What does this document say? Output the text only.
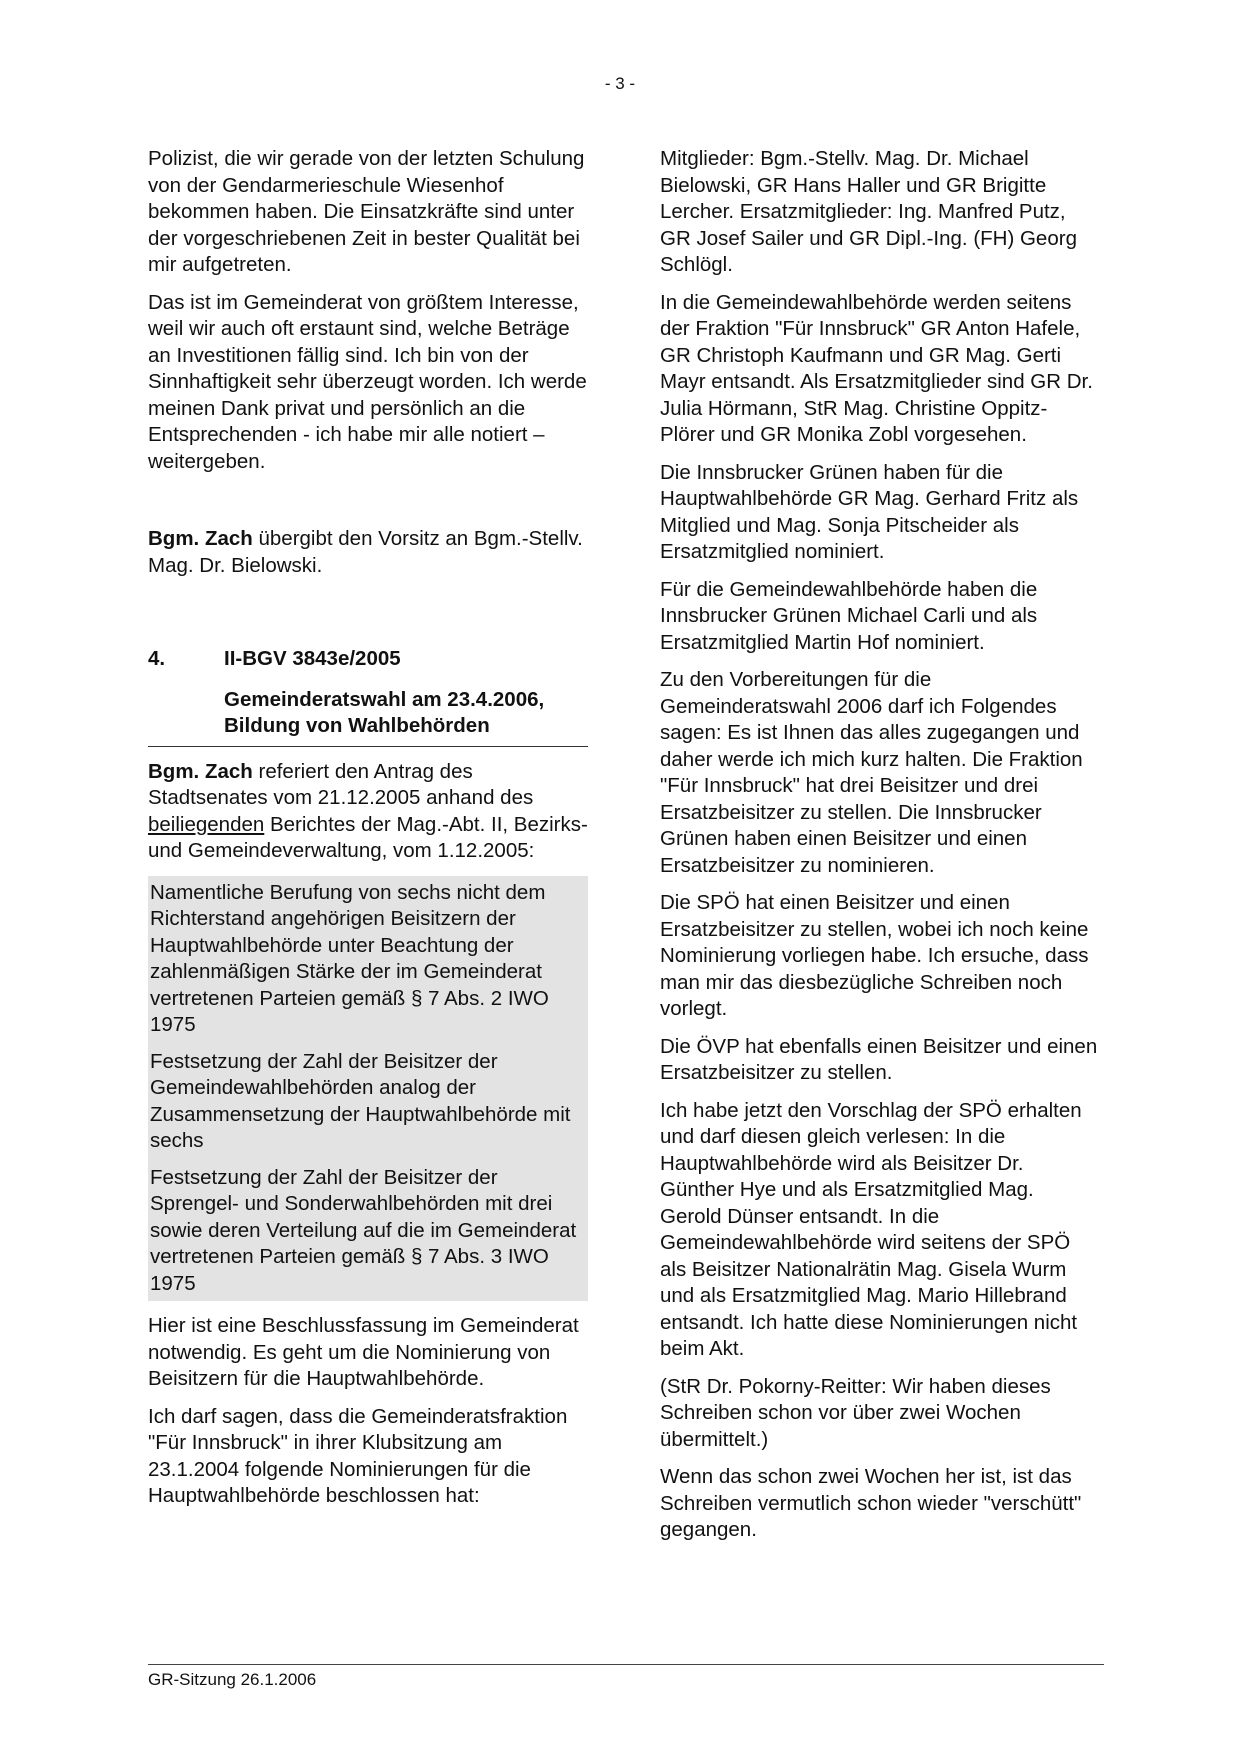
- 3 -

Polizist, die wir gerade von der letzten Schulung von der Gendarmerieschule Wiesenhof bekommen haben. Die Einsatzkräfte sind unter der vorgeschriebenen Zeit in bester Qualität bei mir aufgetreten.

Das ist im Gemeinderat von größtem Interesse, weil wir auch oft erstaunt sind, welche Beträge an Investitionen fällig sind. Ich bin von der Sinnhaftigkeit sehr überzeugt worden. Ich werde meinen Dank privat und persönlich an die Entsprechenden - ich habe mir alle notiert – weitergeben.

Bgm. Zach übergibt den Vorsitz an Bgm.-Stellv. Mag. Dr. Bielowski.

4.	II-BGV 3843e/2005
Gemeinderatswahl am 23.4.2006,
Bildung von Wahlbehörden

Bgm. Zach referiert den Antrag des Stadtsenates vom 21.12.2005 anhand des beiliegenden Berichtes der Mag.-Abt. II, Bezirks- und Gemeindeverwaltung, vom 1.12.2005:

Namentliche Berufung von sechs nicht dem Richterstand angehörigen Beisitzern der Hauptwahlbehörde unter Beachtung der zahlenmäßigen Stärke der im Gemeinderat vertretenen Parteien gemäß § 7 Abs. 2 IWO 1975

Festsetzung der Zahl der Beisitzer der Gemeindewahlbehörden analog der Zusammensetzung der Hauptwahlbehörde mit sechs

Festsetzung der Zahl der Beisitzer der Sprengel- und Sonderwahlbehörden mit drei sowie deren Verteilung auf die im Gemeinderat vertretenen Parteien gemäß § 7 Abs. 3 IWO 1975

Hier ist eine Beschlussfassung im Gemeinderat notwendig. Es geht um die Nominierung von Beisitzern für die Hauptwahlbehörde.

Ich darf sagen, dass die Gemeinderatsfraktion "Für Innsbruck" in ihrer Klubsitzung am 23.1.2004 folgende Nominierungen für die Hauptwahlbehörde beschlossen hat:

Mitglieder: Bgm.-Stellv. Mag. Dr. Michael Bielowski, GR Hans Haller und GR Brigitte Lercher. Ersatzmitglieder: Ing. Manfred Putz, GR Josef Sailer und GR Dipl.-Ing. (FH) Georg Schlögl.

In die Gemeindewahlbehörde werden seitens der Fraktion "Für Innsbruck" GR Anton Hafele, GR Christoph Kaufmann und GR Mag. Gerti Mayr entsandt. Als Ersatzmitglieder sind GR Dr. Julia Hörmann, StR Mag. Christine Oppitz-Plörer und GR Monika Zobl vorgesehen.

Die Innsbrucker Grünen haben für die Hauptwahlbehörde GR Mag. Gerhard Fritz als Mitglied und Mag. Sonja Pitscheider als Ersatzmitglied nominiert.

Für die Gemeindewahlbehörde haben die Innsbrucker Grünen Michael Carli und als Ersatzmitglied Martin Hof nominiert.

Zu den Vorbereitungen für die Gemeinderatswahl 2006 darf ich Folgendes sagen: Es ist Ihnen das alles zugegangen und daher werde ich mich kurz halten. Die Fraktion "Für Innsbruck" hat drei Beisitzer und drei Ersatzbeisitzer zu stellen. Die Innsbrucker Grünen haben einen Beisitzer und einen Ersatzbeisitzer zu nominieren.

Die SPÖ hat einen Beisitzer und einen Ersatzbeisitzer zu stellen, wobei ich noch keine Nominierung vorliegen habe. Ich ersuche, dass man mir das diesbezügliche Schreiben noch vorlegt.

Die ÖVP hat ebenfalls einen Beisitzer und einen Ersatzbeisitzer zu stellen.

Ich habe jetzt den Vorschlag der SPÖ erhalten und darf diesen gleich verlesen: In die Hauptwahlbehörde wird als Beisitzer Dr. Günther Hye und als Ersatzmitglied Mag. Gerold Dünser entsandt. In die Gemeindewahlbehörde wird seitens der SPÖ als Beisitzer Nationalrätin Mag. Gisela Wurm und als Ersatzmitglied Mag. Mario Hillebrand entsandt. Ich hatte diese Nominierungen nicht beim Akt.

(StR Dr. Pokorny-Reitter: Wir haben dieses Schreiben schon vor über zwei Wochen übermittelt.)

Wenn das schon zwei Wochen her ist, ist das Schreiben vermutlich schon wieder "verschütt" gegangen.

GR-Sitzung 26.1.2006
